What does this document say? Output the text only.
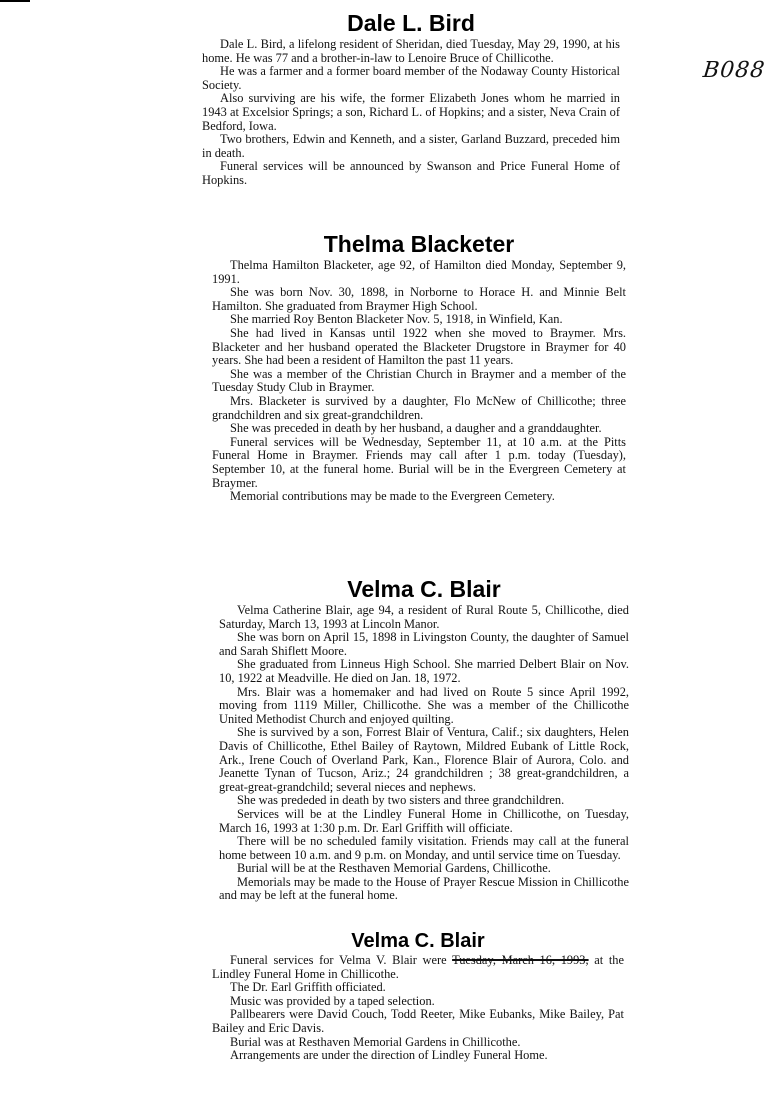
B088
Dale L. Bird

Dale L. Bird, a lifelong resident of Sheridan, died Tuesday, May 29, 1990, at his home. He was 77 and a brother-in-law to Lenoire Bruce of Chillicothe.

He was a farmer and a former board member of the Nodaway County Historical Society.

Also surviving are his wife, the former Elizabeth Jones whom he married in 1943 at Excelsior Springs; a son, Richard L. of Hopkins; and a sister, Neva Crain of Bedford, Iowa.

Two brothers, Edwin and Kenneth, and a sister, Garland Buzzard, preceded him in death.

Funeral services will be announced by Swanson and Price Funeral Home of Hopkins.

Thelma Blacketer

Thelma Hamilton Blacketer, age 92, of Hamilton died Monday, September 9, 1991.

She was born Nov. 30, 1898, in Norborne to Horace H. and Minnie Belt Hamilton. She graduated from Braymer High School.

She married Roy Benton Blacketer Nov. 5, 1918, in Winfield, Kan.

She had lived in Kansas until 1922 when she moved to Braymer. Mrs. Blacketer and her husband operated the Blacketer Drugstore in Braymer for 40 years. She had been a resident of Hamilton the past 11 years.

She was a member of the Christian Church in Braymer and a member of the Tuesday Study Club in Braymer.

Mrs. Blacketer is survived by a daughter, Flo McNew of Chillicothe; three grandchildren and six great-grandchildren.

She was preceded in death by her husband, a daugher and a granddaughter.

Funeral services will be Wednesday, September 11, at 10 a.m. at the Pitts Funeral Home in Braymer. Friends may call after 1 p.m. today (Tuesday), September 10, at the funeral home. Burial will be in the Evergreen Cemetery at Braymer.

Memorial contributions may be made to the Evergreen Cemetery.

Velma C. Blair

Velma Catherine Blair, age 94, a resident of Rural Route 5, Chillicothe, died Saturday, March 13, 1993 at Lincoln Manor.

She was born on April 15, 1898 in Livingston County, the daughter of Samuel and Sarah Shiflett Moore.

She graduated from Linneus High School. She married Delbert Blair on Nov. 10, 1922 at Meadville. He died on Jan. 18, 1972.

Mrs. Blair was a homemaker and had lived on Route 5 since April 1992, moving from 1119 Miller, Chillicothe. She was a member of the Chillicothe United Methodist Church and enjoyed quilting.

She is survived by a son, Forrest Blair of Ventura, Calif.; six daughters, Helen Davis of Chillicothe, Ethel Bailey of Raytown, Mildred Eubank of Little Rock, Ark., Irene Couch of Overland Park, Kan., Florence Blair of Aurora, Colo. and Jeanette Tynan of Tucson, Ariz.; 24 grandchildren ; 38 great-grandchildren, a great-great-grandchild; several nieces and nephews.

She was prededed in death by two sisters and three grandchildren.

Services will be at the Lindley Funeral Home in Chillicothe, on Tuesday, March 16, 1993 at 1:30 p.m. Dr. Earl Griffith will officiate.

There will be no scheduled family visitation. Friends may call at the funeral home between 10 a.m. and 9 p.m. on Monday, and until service time on Tuesday.

Burial will be at the Resthaven Memorial Gardens, Chillicothe.

Memorials may be made to the House of Prayer Rescue Mission in Chillicothe and may be left at the funeral home.

Velma C. Blair

Funeral services for Velma V. Blair were Tuesday, March 16, 1993, at the Lindley Funeral Home in Chillicothe.

The Dr. Earl Griffith officiated.

Music was provided by a taped selection.

Pallbearers were David Couch, Todd Reeter, Mike Eubanks, Mike Bailey, Pat Bailey and Eric Davis.

Burial was at Resthaven Memorial Gardens in Chillicothe.

Arrangements are under the direction of Lindley Funeral Home.
